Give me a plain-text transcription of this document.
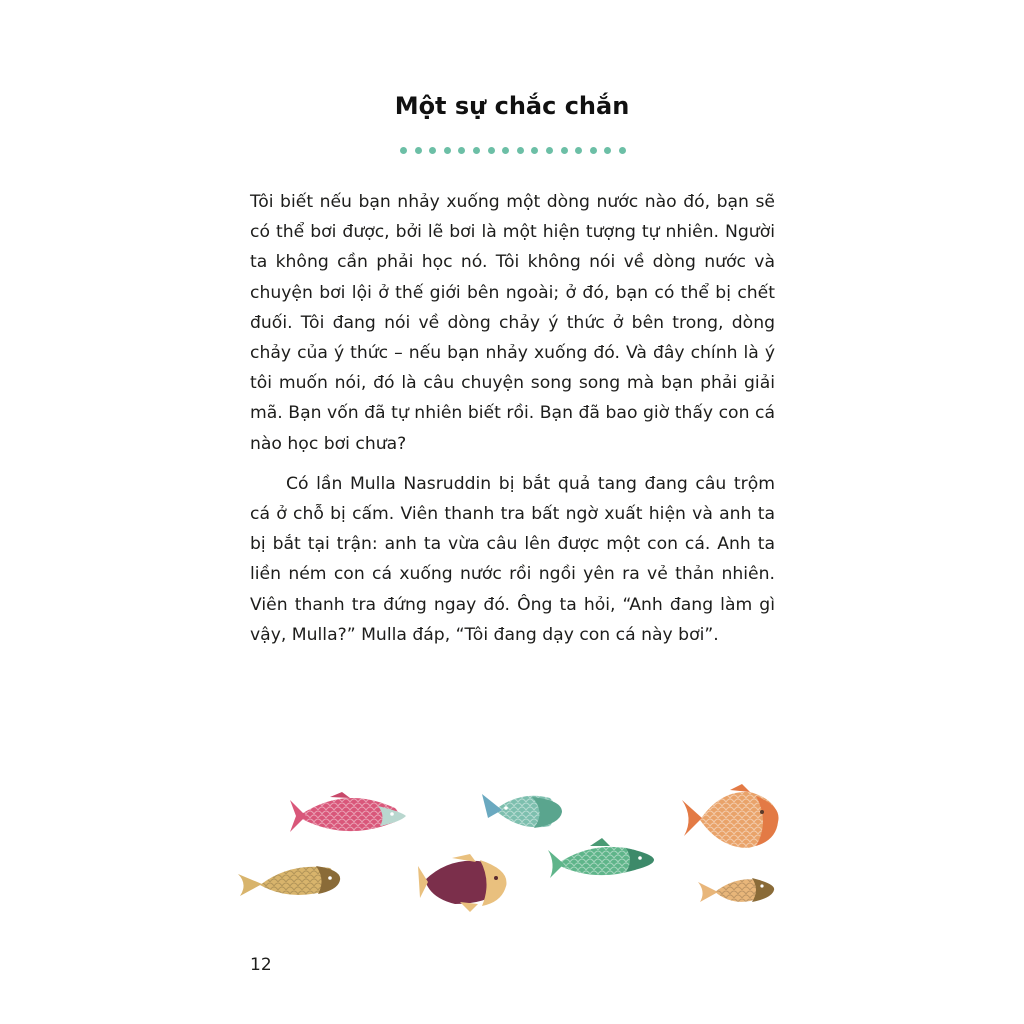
Một sự chắc chắn

Tôi biết nếu bạn nhảy xuống một dòng nước nào đó, bạn sẽ có thể bơi được, bởi lẽ bơi là một hiện tượng tự nhiên. Người ta không cần phải học nó. Tôi không nói về dòng nước và chuyện bơi lội ở thế giới bên ngoài; ở đó, bạn có thể bị chết đuối. Tôi đang nói về dòng chảy ý thức ở bên trong, dòng chảy của ý thức – nếu bạn nhảy xuống đó. Và đây chính là ý tôi muốn nói, đó là câu chuyện song song mà bạn phải giải mã. Bạn vốn đã tự nhiên biết rồi. Bạn đã bao giờ thấy con cá nào học bơi chưa?

Có lần Mulla Nasruddin bị bắt quả tang đang câu trộm cá ở chỗ bị cấm. Viên thanh tra bất ngờ xuất hiện và anh ta bị bắt tại trận: anh ta vừa câu lên được một con cá. Anh ta liền ném con cá xuống nước rồi ngồi yên ra vẻ thản nhiên. Viên thanh tra đứng ngay đó. Ông ta hỏi, “Anh đang làm gì vậy, Mulla?” Mulla đáp, “Tôi đang dạy con cá này bơi”.

12
